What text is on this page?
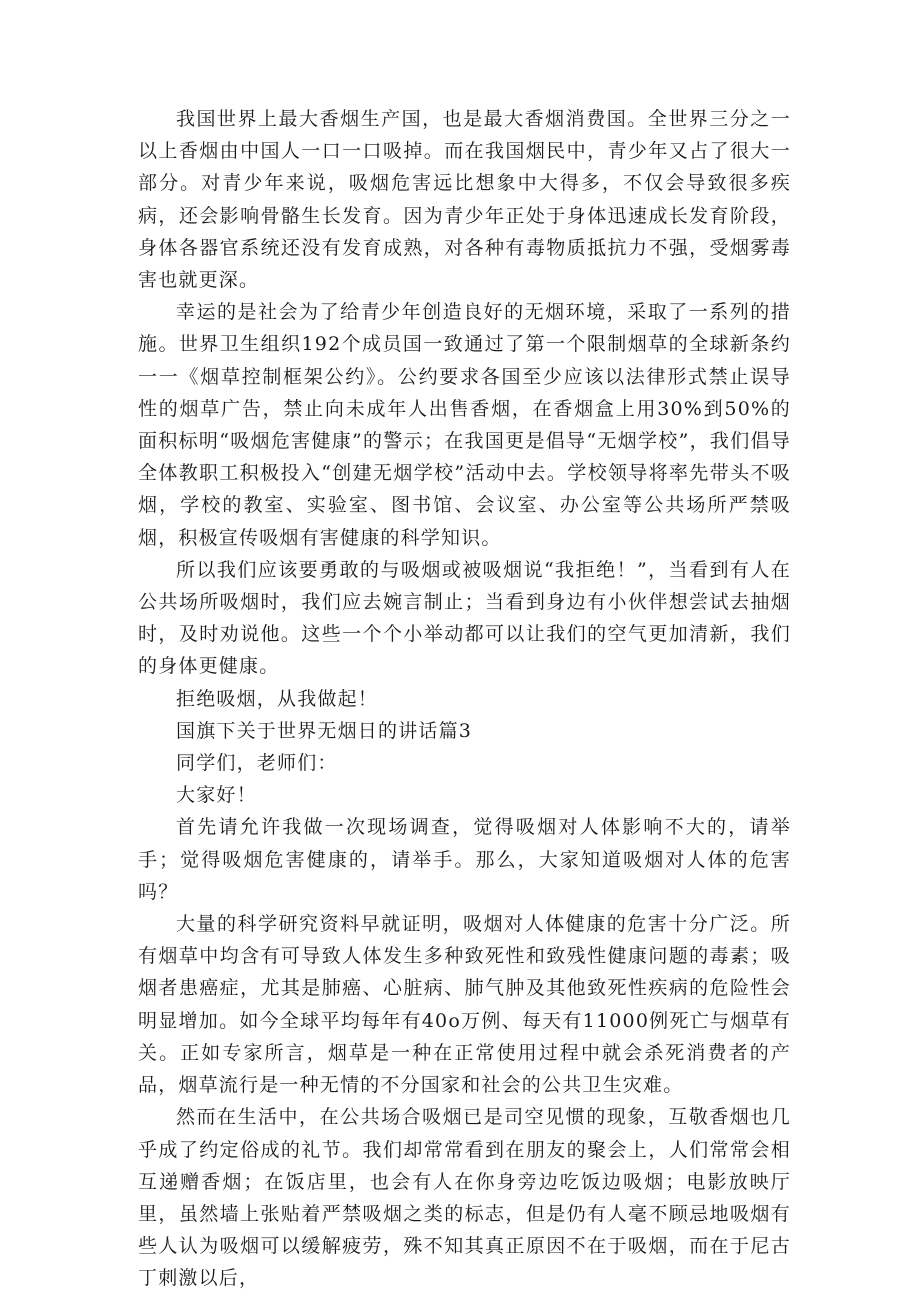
我国世界上最大香烟生产国，也是最大香烟消费国。全世界三分之一以上香烟由中国人一口一口吸掉。而在我国烟民中，青少年又占了很大一部分。对青少年来说，吸烟危害远比想象中大得多，不仅会导致很多疾病，还会影响骨骼生长发育。因为青少年正处于身体迅速成长发育阶段，身体各器官系统还没有发育成熟，对各种有毒物质抵抗力不强，受烟雾毒害也就更深。

幸运的是社会为了给青少年创造良好的无烟环境，采取了一系列的措施。世界卫生组织192个成员国一致通过了第一个限制烟草的全球新条约一一《烟草控制框架公约》。公约要求各国至少应该以法律形式禁止误导性的烟草广告，禁止向未成年人出售香烟，在香烟盒上用30%到50%的面积标明“吸烟危害健康”的警示；在我国更是倡导“无烟学校”，我们倡导全体教职工积极投入“创建无烟学校”活动中去。学校领导将率先带头不吸烟，学校的教室、实验室、图书馆、会议室、办公室等公共场所严禁吸烟，积极宣传吸烟有害健康的科学知识。

所以我们应该要勇敢的与吸烟或被吸烟说“我拒绝！”，当看到有人在公共场所吸烟时，我们应去婉言制止；当看到身边有小伙伴想尝试去抽烟时，及时劝说他。这些一个个小举动都可以让我们的空气更加清新，我们的身体更健康。

拒绝吸烟，从我做起！

国旗下关于世界无烟日的讲话篇3

同学们，老师们：

大家好！

首先请允许我做一次现场调查，觉得吸烟对人体影响不大的，请举手；觉得吸烟危害健康的，请举手。那么，大家知道吸烟对人体的危害吗？

大量的科学研究资料早就证明，吸烟对人体健康的危害十分广泛。所有烟草中均含有可导致人体发生多种致死性和致残性健康问题的毒素；吸烟者患癌症，尤其是肺癌、心脏病、肺气肿及其他致死性疾病的危险性会明显增加。如今全球平均每年有40o万例、每天有11000例死亡与烟草有关。正如专家所言，烟草是一种在正常使用过程中就会杀死消费者的产品，烟草流行是一种无情的不分国家和社会的公共卫生灾难。

然而在生活中，在公共场合吸烟已是司空见惯的现象，互敬香烟也几乎成了约定俗成的礼节。我们却常常看到在朋友的聚会上，人们常常会相互递赠香烟；在饭店里，也会有人在你身旁边吃饭边吸烟；电影放映厅里，虽然墙上张贴着严禁吸烟之类的标志，但是仍有人毫不顾忌地吸烟有些人认为吸烟可以缓解疲劳，殊不知其真正原因不在于吸烟，而在于尼古丁刺激以后，
